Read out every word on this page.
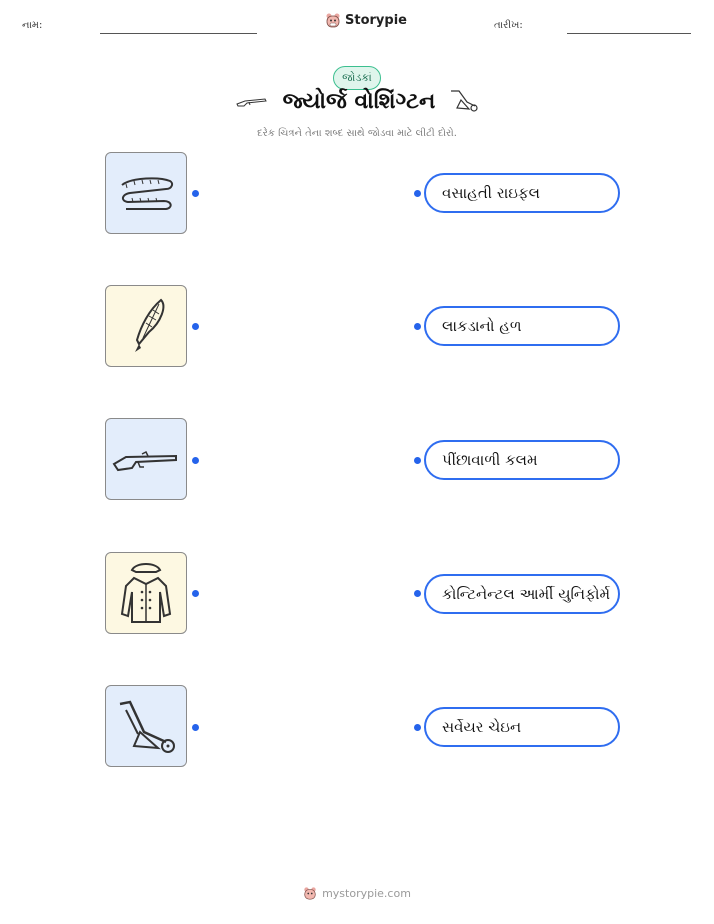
નામ:	Storypie	તારીખ:
જોડકાં
જ્યોર્જ વોશિંગ્ટન
દરેક ચિત્રને તેના શબ્દ સાથે જોડવા માટે લીટી દોરો.
વસાહતી રાઇફલ
લાકડાનો હળ
પીંછાવાળી કલમ
કોન્ટિનેન્ટલ આર્મી યુનિફોર્મ
સર્વેયર ચેઇન
mystorypie.com
